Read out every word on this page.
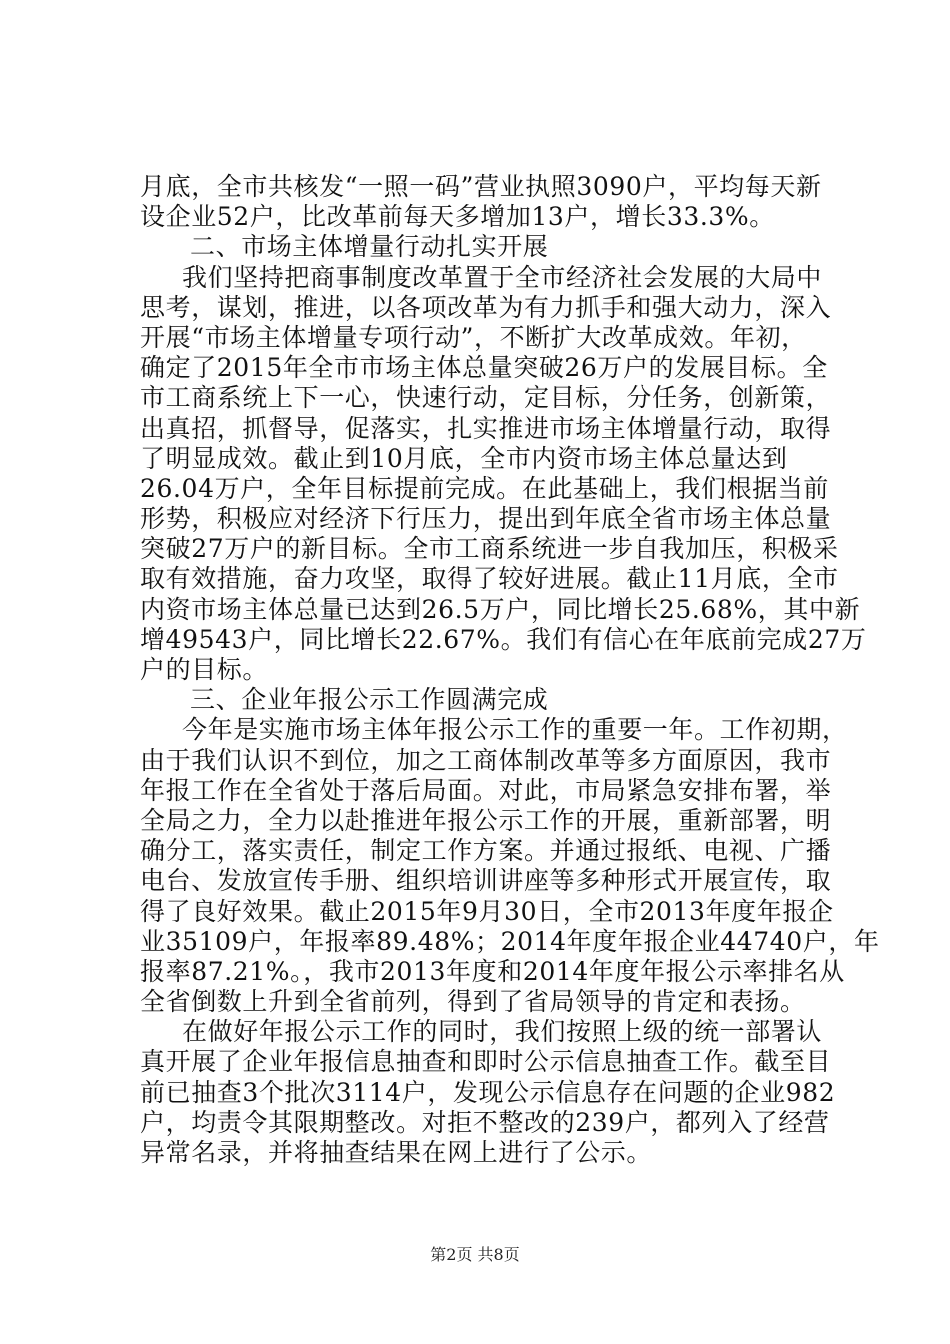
月底，全市共核发“一照一码”营业执照3090户，平均每天新
设企业52户，比改革前每天多增加13户，增长33.3%。
二、市场主体增量行动扎实开展
我们坚持把商事制度改革置于全市经济社会发展的大局中
思考，谋划，推进，以各项改革为有力抓手和强大动力，深入
开展“市场主体增量专项行动”，不断扩大改革成效。年初，
确定了2015年全市市场主体总量突破26万户的发展目标。全
市工商系统上下一心，快速行动，定目标，分任务，创新策，
出真招，抓督导，促落实，扎实推进市场主体增量行动，取得
了明显成效。截止到10月底，全市内资市场主体总量达到
26.04万户，全年目标提前完成。在此基础上，我们根据当前
形势，积极应对经济下行压力，提出到年底全省市场主体总量
突破27万户的新目标。全市工商系统进一步自我加压，积极采
取有效措施，奋力攻坚，取得了较好进展。截止11月底，全市
内资市场主体总量已达到26.5万户，同比增长25.68%，其中新
增49543户，同比增长22.67%。我们有信心在年底前完成27万
户的目标。
三、企业年报公示工作圆满完成
今年是实施市场主体年报公示工作的重要一年。工作初期，
由于我们认识不到位，加之工商体制改革等多方面原因，我市
年报工作在全省处于落后局面。对此，市局紧急安排布署，举
全局之力，全力以赴推进年报公示工作的开展，重新部署，明
确分工，落实责任，制定工作方案。并通过报纸、电视、广播
电台、发放宣传手册、组织培训讲座等多种形式开展宣传，取
得了良好效果。截止2015年9月30日，全市2013年度年报企
业35109户，年报率89.48%；2014年度年报企业44740户，年
报率87.21%。，我市2013年度和2014年度年报公示率排名从
全省倒数上升到全省前列，得到了省局领导的肯定和表扬。
在做好年报公示工作的同时，我们按照上级的统一部署认
真开展了企业年报信息抽查和即时公示信息抽查工作。截至目
前已抽查3个批次3114户，发现公示信息存在问题的企业982
户，均责令其限期整改。对拒不整改的239户，都列入了经营
异常名录，并将抽查结果在网上进行了公示。
第2页 共8页
